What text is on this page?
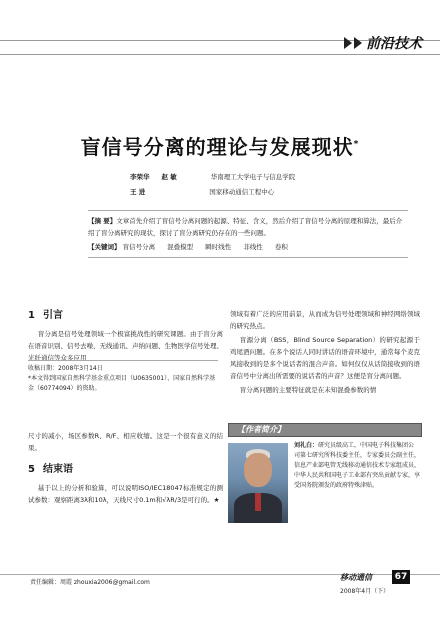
前沿技术
盲信号分离的理论与发展现状*
李荣华 赵 敏	华南理工大学电子与信息学院
王 进	国家移动通信工程中心
【摘 要】文章首先介绍了盲信号分离问题的起源、特征、含义，然后介绍了盲信号分离的原理和算法，最后介绍了盲分离研究的现状，探讨了盲分离研究仍存在的一些问题。
【关键词】 盲信号分离 混叠模型 瞬时线性 非线性 卷积
1 引言

盲分离是信号处理领域一个极富挑战性的研究课题。由于盲分离在语音识别、信号去噪、无线通讯、声纳问题、生物医学信号处理、光纤通信等众多应用

收稿日期：2008年3月14日
*本文得到国家自然科学基金重点项目（U0635001）、国家自然科学基金（60774094）的资助。

领域有着广泛的应用前景，从而成为信号处理领域和神经网络领域的研究热点。

盲源分离（BSS，Blind Source Separation）的研究起源于鸡尾酒问题。在多个说话人同时讲话的语音环境中，通常每个麦克风接收到的是多个说话者的混合声音。如何仅仅从话筒接收到的语音信号中分离出所需要的说话者的声音？这便是盲分离问题。

盲分离问题的主要特征就是在未知混叠参数的情

尺寸的减小，场区参数R、R/F、相应收缩。这是一个很有意义的结果。

5 结束语

基于以上的分析和验算，可以说明ISO/IEC18047标准规定的测试参数：观察距离3λ和10λ，天线尺寸0.1m和√λR/3是可行的。★

【作者简介】
刘礼白：研究员级高工，中国电子科技集团公司第七研究所科技委主任，专家委员会副主任，信息产业部电管无线移动通信技术专家组成员，中华人民共和国电子工业部有突出贡献专家，享受国务院颁发的政府特殊津贴。
责任编辑：周霞 zhouxia2006@gmail.com
移动通信	67
2008年4月（下）
